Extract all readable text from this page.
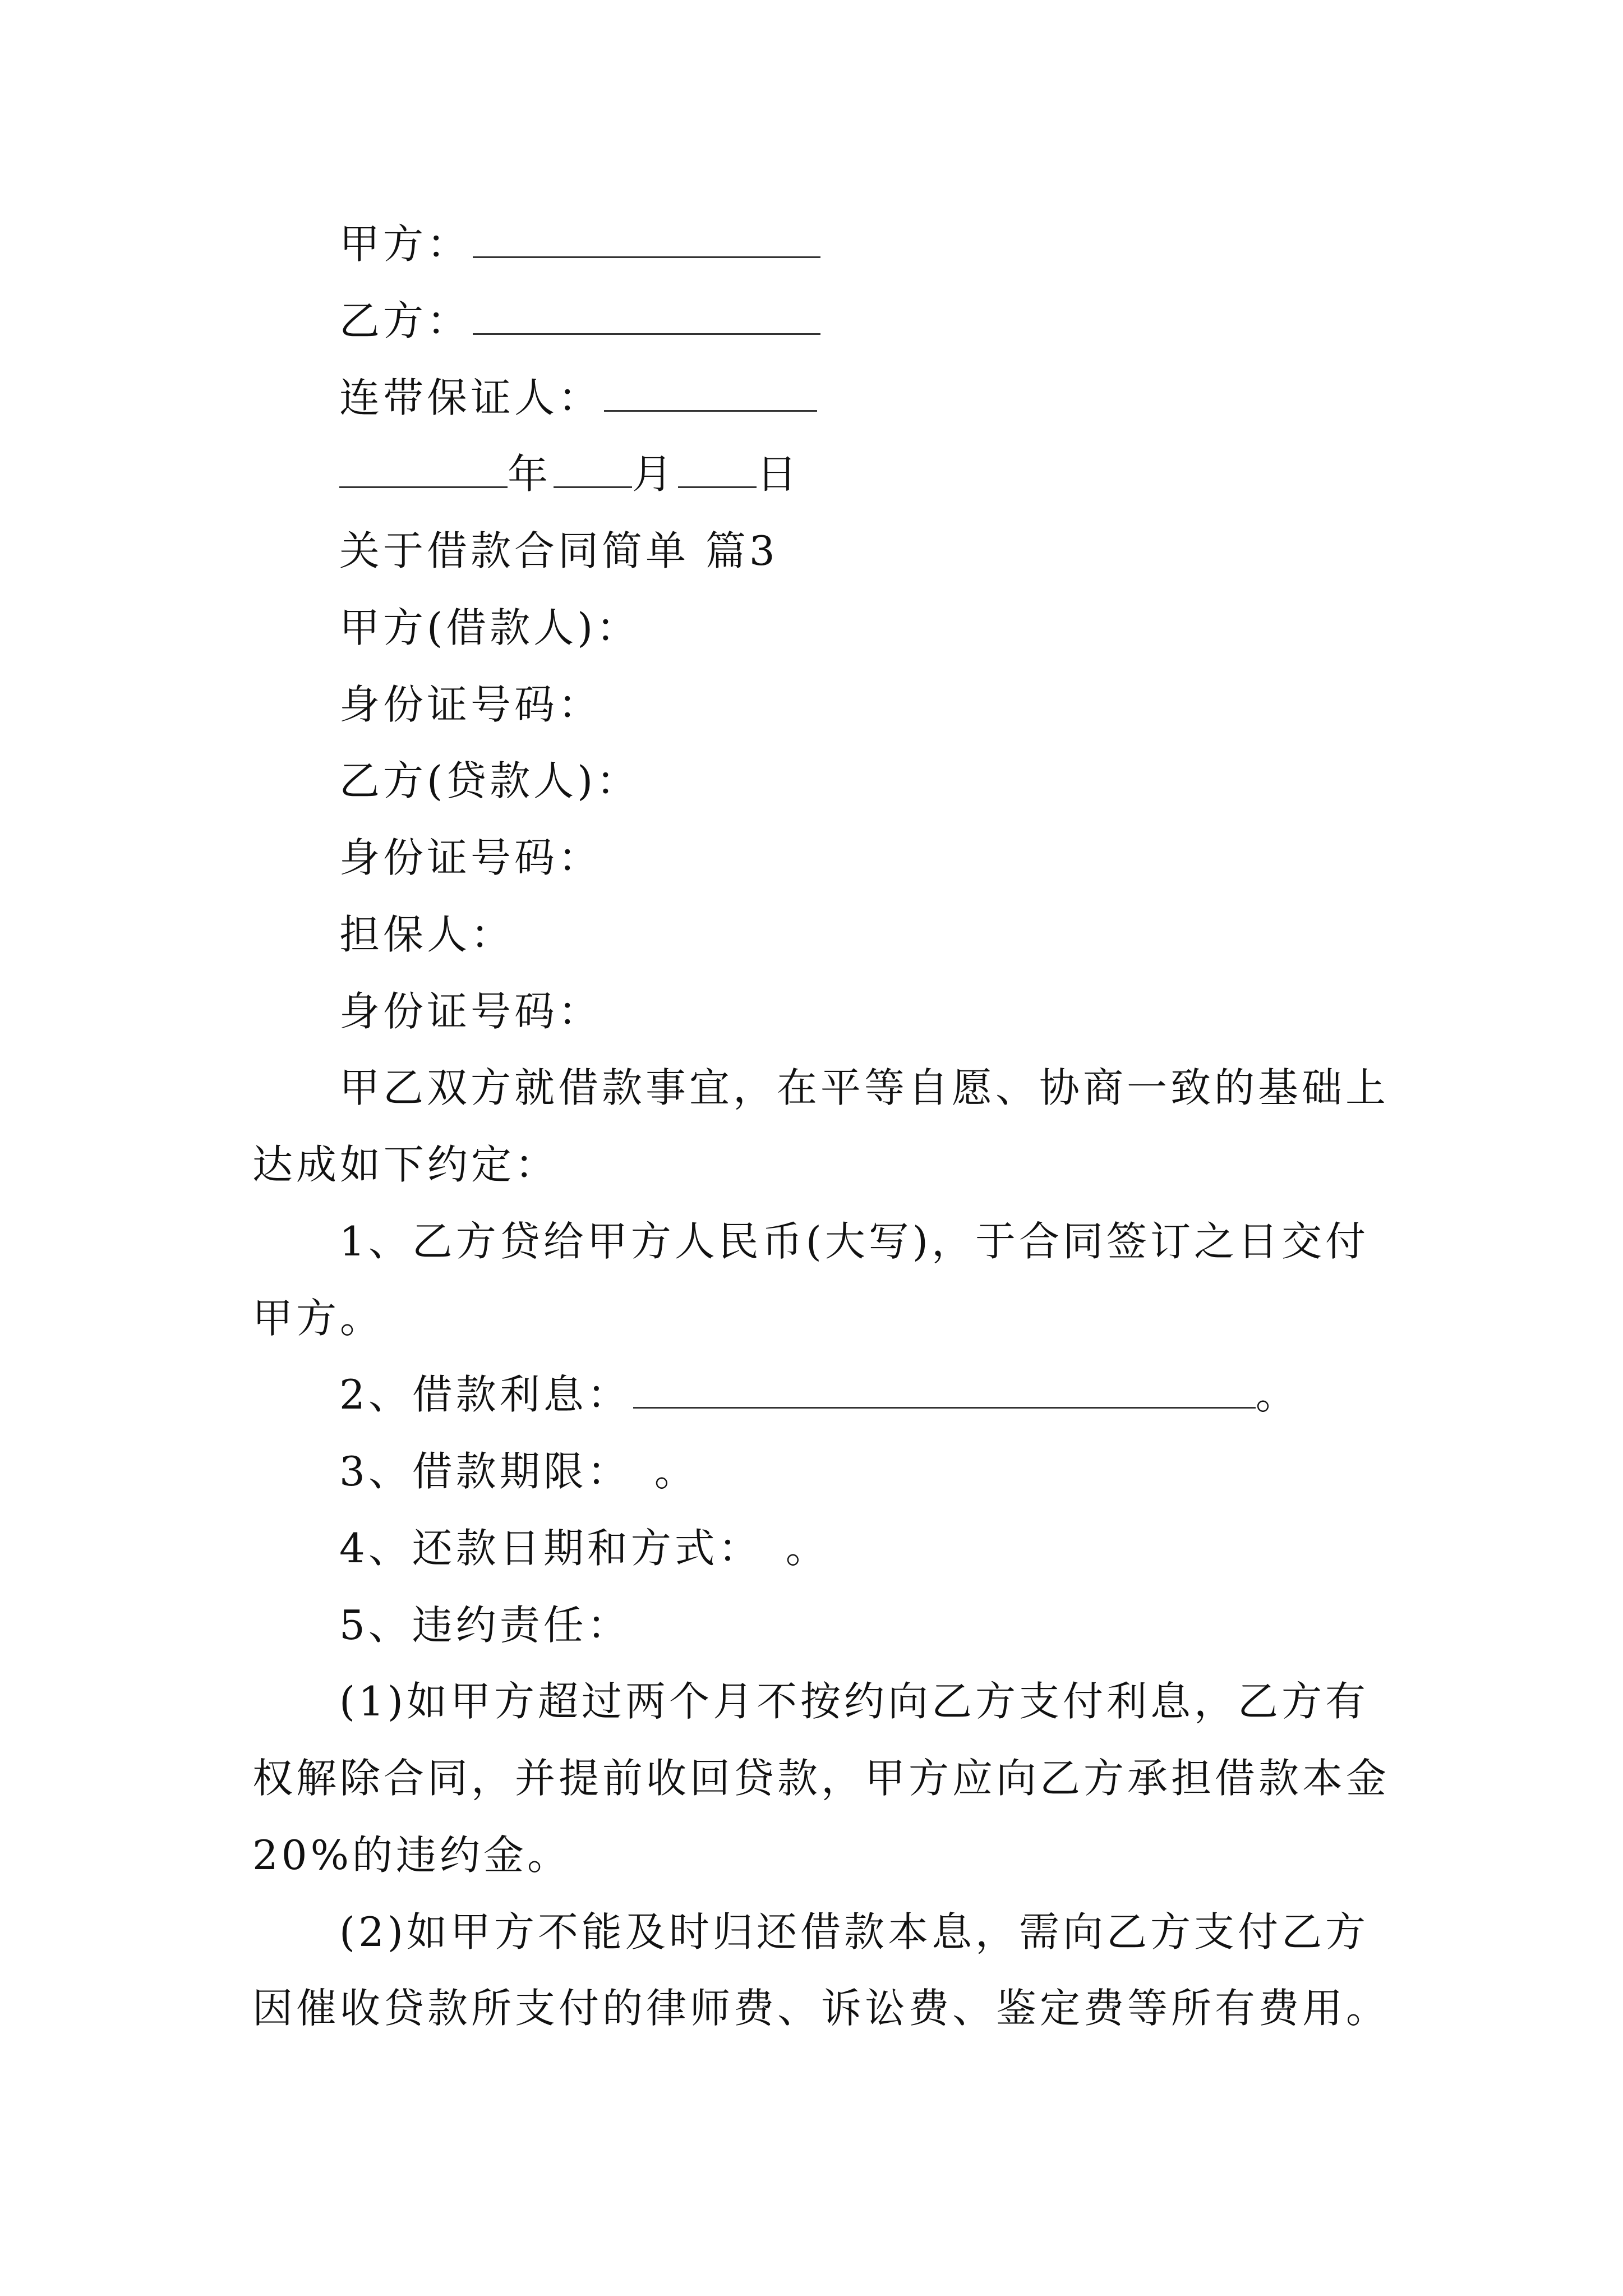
甲方：
乙方：
连带保证人：
年 月 日
关于借款合同简单 篇3
甲方(借款人)：
身份证号码：
乙方(贷款人)：
身份证号码：
担保人：
身份证号码：
甲乙双方就借款事宜，在平等自愿、协商一致的基础上
达成如下约定：
1、乙方贷给甲方人民币(大写)，于合同签订之日交付
甲方。
2、借款利息：	。
3、借款期限：　。
4、还款日期和方式：　。
5、违约责任：
(1)如甲方超过两个月不按约向乙方支付利息，乙方有
权解除合同，并提前收回贷款，甲方应向乙方承担借款本金
20%的违约金。
(2)如甲方不能及时归还借款本息，需向乙方支付乙方
因催收贷款所支付的律师费、诉讼费、鉴定费等所有费用。
